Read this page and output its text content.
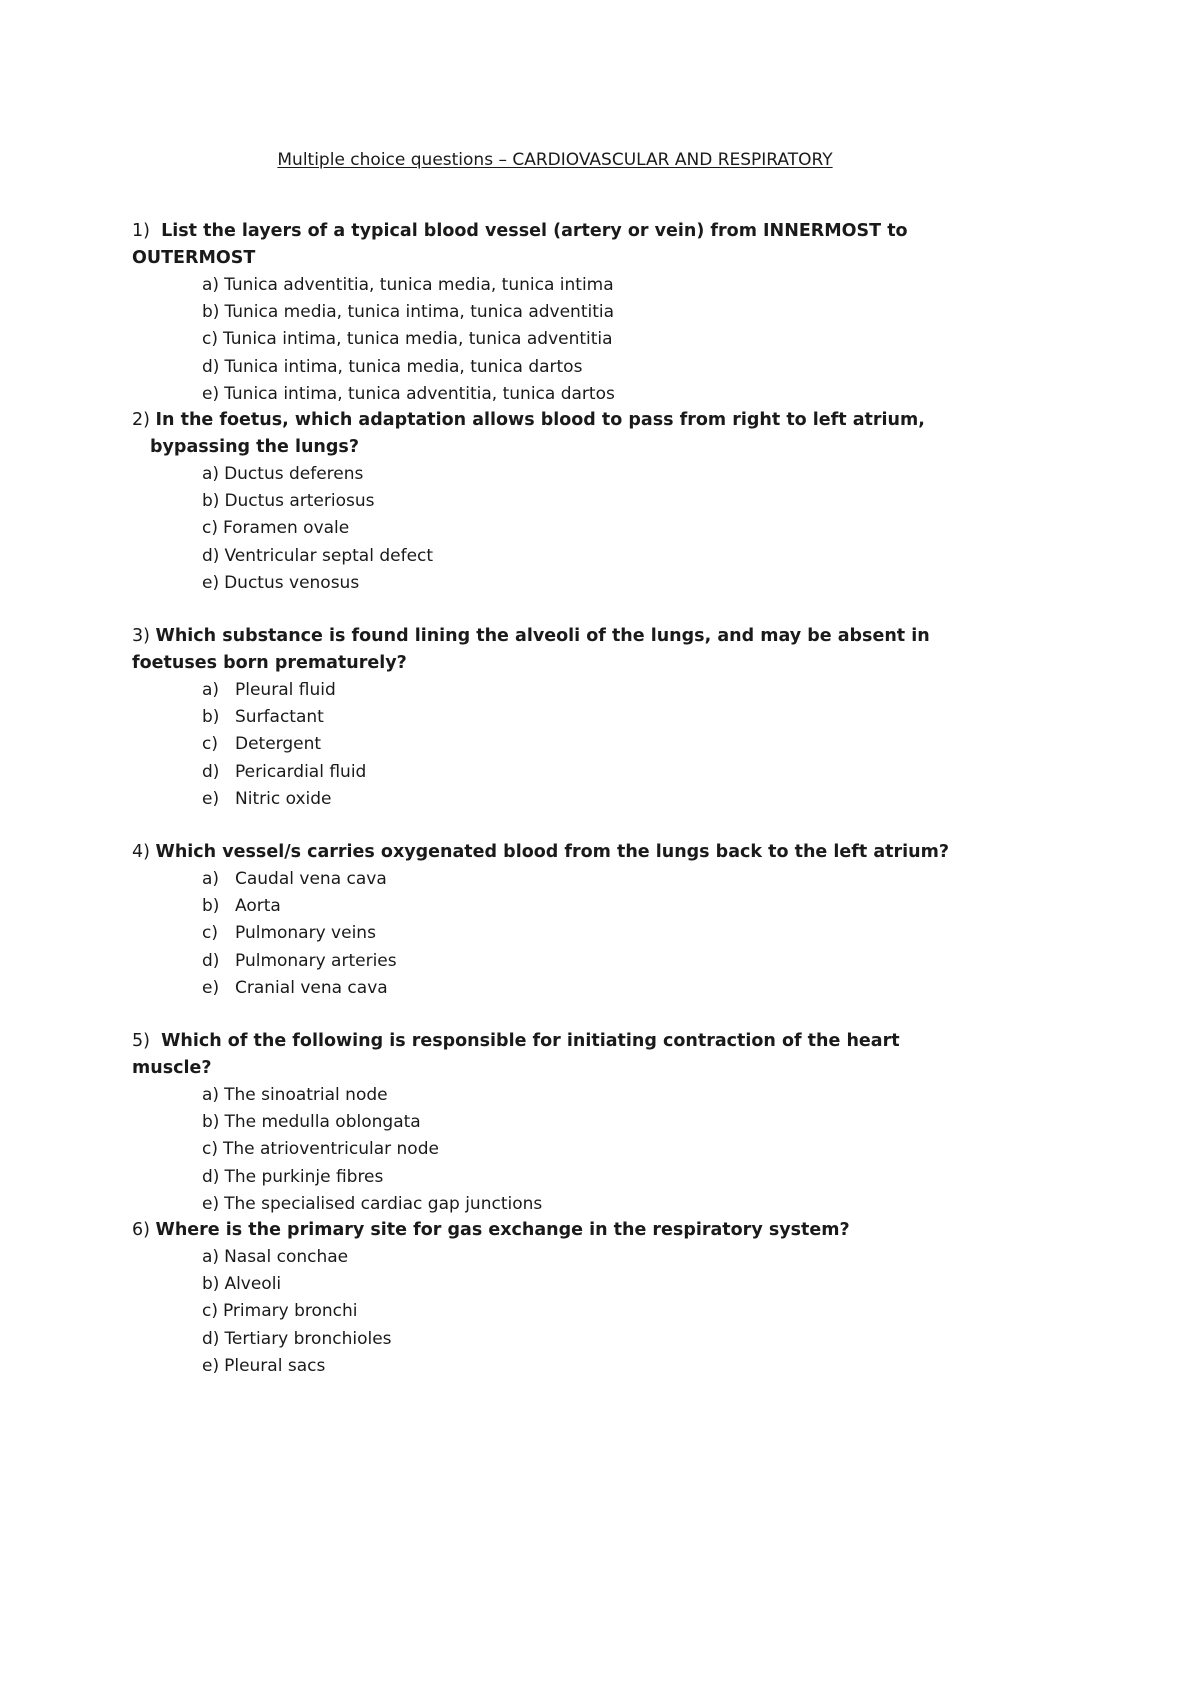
Multiple choice questions – CARDIOVASCULAR AND RESPIRATORY

1) List the layers of a typical blood vessel (artery or vein) from INNERMOST to OUTERMOST

a) Tunica adventitia, tunica media, tunica intima
b) Tunica media, tunica intima, tunica adventitia
c) Tunica intima, tunica media, tunica adventitia
d) Tunica intima, tunica media, tunica dartos
e) Tunica intima, tunica adventitia, tunica dartos

2) In the foetus, which adaptation allows blood to pass from right to left atrium, bypassing the lungs?

a) Ductus deferens
b) Ductus arteriosus
c) Foramen ovale
d) Ventricular septal defect
e) Ductus venosus

3) Which substance is found lining the alveoli of the lungs, and may be absent in foetuses born prematurely?

a) Pleural fluid
b) Surfactant
c) Detergent
d) Pericardial fluid
e) Nitric oxide

4) Which vessel/s carries oxygenated blood from the lungs back to the left atrium?

a) Caudal vena cava
b) Aorta
c) Pulmonary veins
d) Pulmonary arteries
e) Cranial vena cava

5) Which of the following is responsible for initiating contraction of the heart muscle?

a) The sinoatrial node
b) The medulla oblongata
c) The atrioventricular node
d) The purkinje fibres
e) The specialised cardiac gap junctions

6) Where is the primary site for gas exchange in the respiratory system?

a) Nasal conchae
b) Alveoli
c) Primary bronchi
d) Tertiary bronchioles
e) Pleural sacs
